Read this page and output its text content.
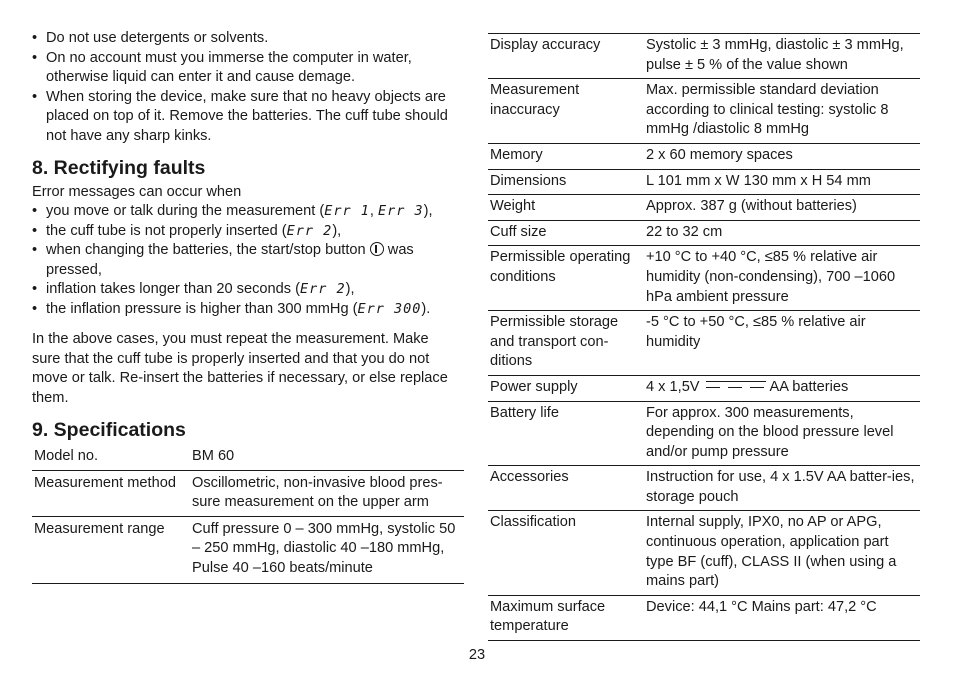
• Do not use detergents or solvents.
• On no account must you immerse the computer in water, otherwise liquid can enter it and cause demage.
• When storing the device, make sure that no heavy objects are placed on top of it. Remove the batteries. The cuff tube should not have any sharp kinks.
8. Rectifying faults
Error messages can occur when
• you move or talk during the measurement (Err 1, Err 3),
• the cuff tube is not properly inserted (Err 2),
• when changing the batteries, the start/stop button was pressed,
• inflation takes longer than 20 seconds (Err 2),
• the inflation pressure is higher than 300 mmHg (Err 300).

In the above cases, you must repeat the measurement. Make sure that the cuff tube is properly inserted and that you do not move or talk. Re-insert the batteries if necessary, or else replace them.

9. Specifications
Model no.	BM 60
Measurement method	Oscillometric, non-invasive blood pres-sure measurement on the upper arm
Measurement range	Cuff pressure 0 – 300 mmHg, systolic 50 – 250 mmHg, diastolic 40 –180 mmHg, Pulse 40 –160 beats/minute
Display accuracy	Systolic ± 3 mmHg, diastolic ± 3 mmHg, pulse ± 5 % of the value shown
Measurement inaccuracy	Max. permissible standard deviation according to clinical testing: systolic 8 mmHg /diastolic 8 mmHg
Memory	2 x 60 memory spaces
Dimensions	L 101 mm x W 130 mm x H 54 mm
Weight	Approx. 387 g (without batteries)
Cuff size	22 to 32 cm
Permissible operating conditions	+10 °C to +40 °C, ≤85 % relative air humidity (non-condensing), 700 –1060 hPa ambient pressure
Permissible storage and transport con-ditions	-5 °C to +50 °C, ≤85 % relative air humidity
Power supply	4 x 1,5V AA batteries
Battery life	For approx. 300 measurements, depending on the blood pressure level and/or pump pressure
Accessories	Instruction for use, 4 x 1.5V AA batter-ies, storage pouch
Classification	Internal supply, IPX0, no AP or APG, continuous operation, application part type BF (cuff), CLASS II (when using a mains part)
Maximum surface temperature	Device: 44,1 °C Mains part: 47,2 °C
23
